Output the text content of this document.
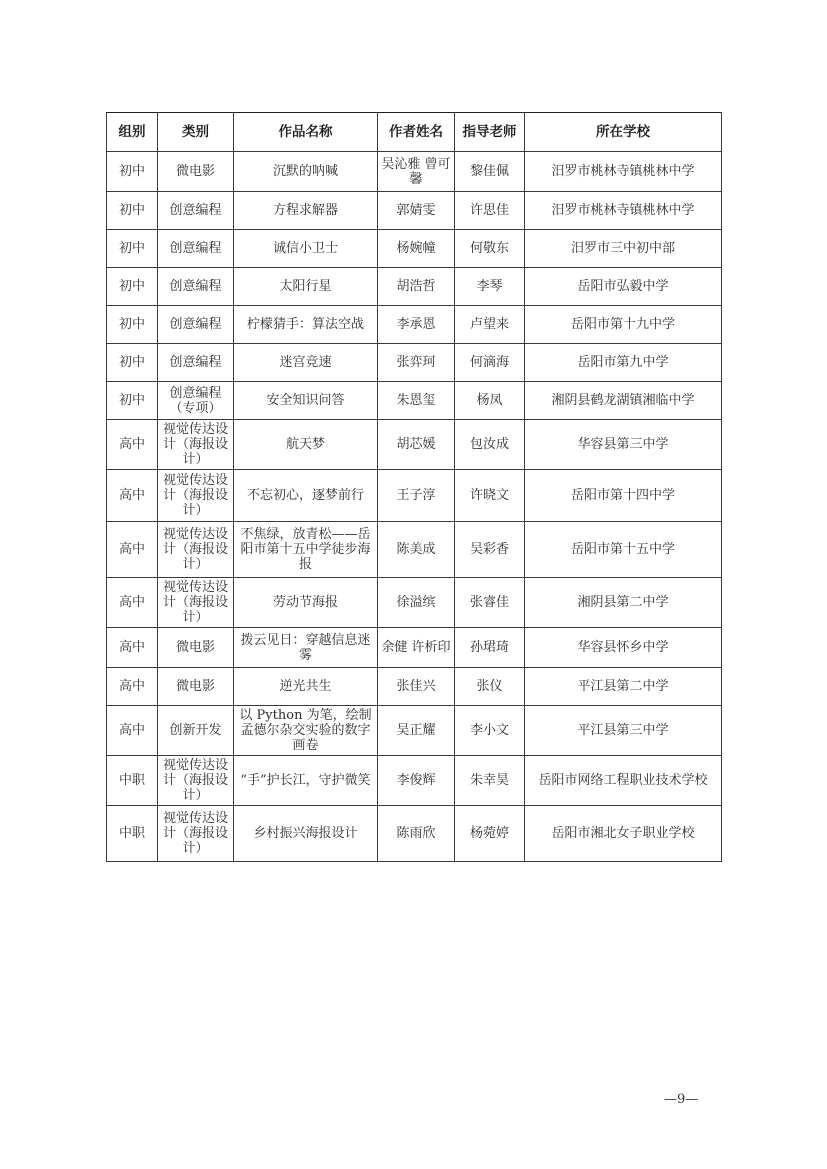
组别	类别	作品名称	作者姓名	指导老师	所在学校

初中	微电影	沉默的呐喊	吴沁雅 曾可馨	黎佳佩	汨罗市桃林寺镇桃林中学

初中	创意编程	方程求解器	郭婧雯	许思佳	汨罗市桃林寺镇桃林中学

初中	创意编程	诚信小卫士	杨婉幢	何敬东	汨罗市三中初中部

初中	创意编程	太阳行星	胡浩哲	李琴	岳阳市弘毅中学

初中	创意编程	柠檬猜手：算法空战	李承恩	卢望来	岳阳市第十九中学

初中	创意编程	迷宫竞速	张弈珂	何滴海	岳阳市第九中学

初中	创意编程（专项）	安全知识问答	朱恩玺	杨凤	湘阴县鹤龙湖镇湘临中学

高中	视觉传达设计（海报设计）	航天梦	胡芯媛	包汝成	华容县第三中学

高中	视觉传达设计（海报设计）	不忘初心，逐梦前行	王子淳	许晓文	岳阳市第十四中学

高中	视觉传达设计（海报设计）	不焦绿，放青松——岳阳市第十五中学徒步海报	陈美成	吴彩香	岳阳市第十五中学

高中	视觉传达设计（海报设计）	劳动节海报	徐溢缤	张睿佳	湘阴县第二中学

高中	微电影	拨云见日：穿越信息迷雾	余健 许析印	孙珺琦	华容县怀乡中学

高中	微电影	逆光共生	张佳兴	张仪	平江县第二中学

高中	创新开发	以 Python 为笔，绘制孟德尔杂交实验的数字画卷	吴正耀	李小文	平江县第三中学

中职	视觉传达设计（海报设计）	“手”护长江，守护微笑	李俊辉	朱幸昊	岳阳市网络工程职业技术学校

中职	视觉传达设计（海报设计）	乡村振兴海报设计	陈雨欣	杨菀婷	岳阳市湘北女子职业学校
—9—
